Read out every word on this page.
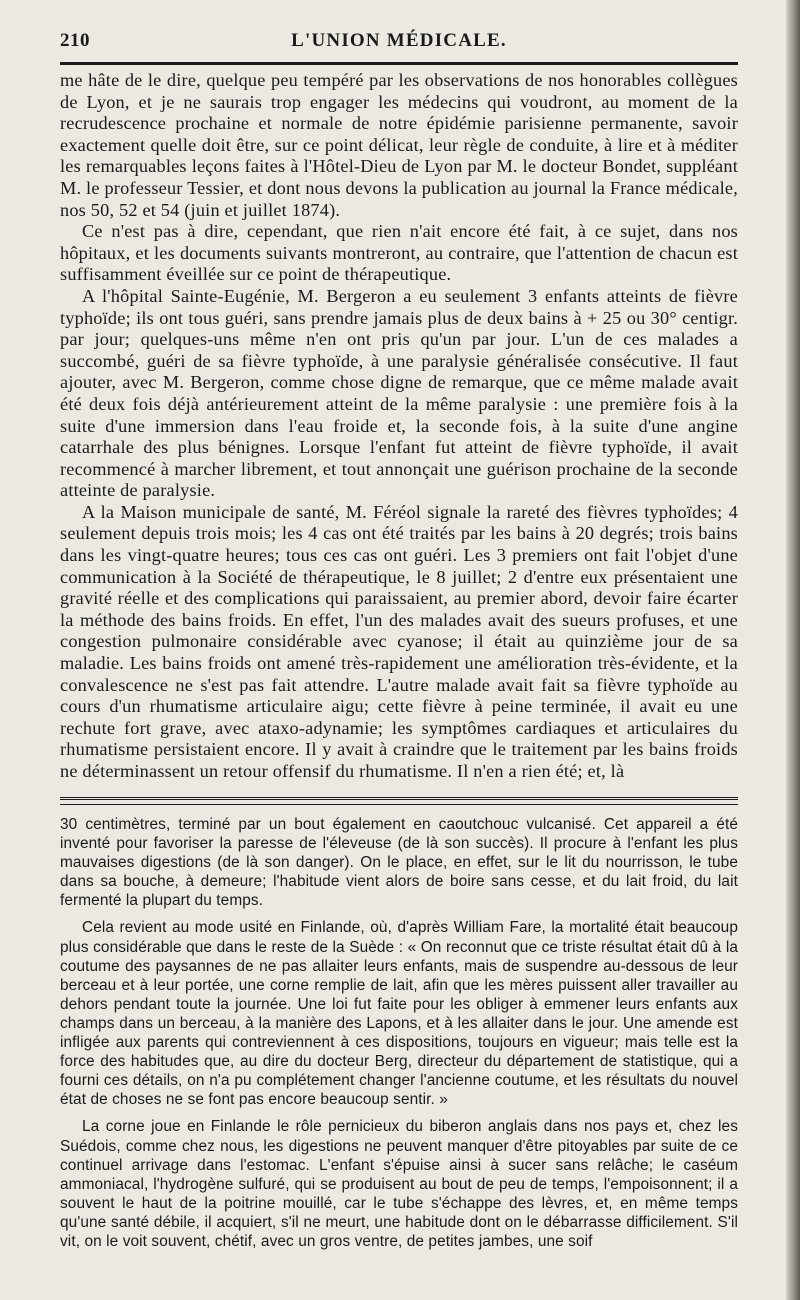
210	L'UNION MÉDICALE.

me hâte de le dire, quelque peu tempéré par les observations de nos honorables collègues de Lyon, et je ne saurais trop engager les médecins qui voudront, au moment de la recrudescence prochaine et normale de notre épidémie parisienne permanente, savoir exactement quelle doit être, sur ce point délicat, leur règle de conduite, à lire et à méditer les remarquables leçons faites à l'Hôtel-Dieu de Lyon par M. le docteur Bondet, suppléant M. le professeur Tessier, et dont nous devons la publication au journal la France médicale, nos 50, 52 et 54 (juin et juillet 1874).

Ce n'est pas à dire, cependant, que rien n'ait encore été fait, à ce sujet, dans nos hôpitaux, et les documents suivants montreront, au contraire, que l'attention de chacun est suffisamment éveillée sur ce point de thérapeutique.

A l'hôpital Sainte-Eugénie, M. Bergeron a eu seulement 3 enfants atteints de fièvre typhoïde; ils ont tous guéri, sans prendre jamais plus de deux bains à + 25 ou 30° centigr. par jour; quelques-uns même n'en ont pris qu'un par jour. L'un de ces malades a succombé, guéri de sa fièvre typhoïde, à une paralysie généralisée consécutive. Il faut ajouter, avec M. Bergeron, comme chose digne de remarque, que ce même malade avait été deux fois déjà antérieurement atteint de la même paralysie : une première fois à la suite d'une immersion dans l'eau froide et, la seconde fois, à la suite d'une angine catarrhale des plus bénignes. Lorsque l'enfant fut atteint de fièvre typhoïde, il avait recommencé à marcher librement, et tout annonçait une guérison prochaine de la seconde atteinte de paralysie.

A la Maison municipale de santé, M. Féréol signale la rareté des fièvres typhoïdes; 4 seulement depuis trois mois; les 4 cas ont été traités par les bains à 20 degrés; trois bains dans les vingt-quatre heures; tous ces cas ont guéri. Les 3 premiers ont fait l'objet d'une communication à la Société de thérapeutique, le 8 juillet; 2 d'entre eux présentaient une gravité réelle et des complications qui paraissaient, au premier abord, devoir faire écarter la méthode des bains froids. En effet, l'un des malades avait des sueurs profuses, et une congestion pulmonaire considérable avec cyanose; il était au quinzième jour de sa maladie. Les bains froids ont amené très-rapidement une amélioration très-évidente, et la convalescence ne s'est pas fait attendre. L'autre malade avait fait sa fièvre typhoïde au cours d'un rhumatisme articulaire aigu; cette fièvre à peine terminée, il avait eu une rechute fort grave, avec ataxo-adynamie; les symptômes cardiaques et articulaires du rhumatisme persistaient encore. Il y avait à craindre que le traitement par les bains froids ne déterminassent un retour offensif du rhumatisme. Il n'en a rien été; et, là

30 centimètres, terminé par un bout également en caoutchouc vulcanisé. Cet appareil a été inventé pour favoriser la paresse de l'éleveuse (de là son succès). Il procure à l'enfant les plus mauvaises digestions (de là son danger). On le place, en effet, sur le lit du nourrisson, le tube dans sa bouche, à demeure; l'habitude vient alors de boire sans cesse, et du lait froid, du lait fermenté la plupart du temps.

Cela revient au mode usité en Finlande, où, d'après William Fare, la mortalité était beaucoup plus considérable que dans le reste de la Suède : « On reconnut que ce triste résultat était dû à la coutume des paysannes de ne pas allaiter leurs enfants, mais de suspendre au-dessous de leur berceau et à leur portée, une corne remplie de lait, afin que les mères puissent aller travailler au dehors pendant toute la journée. Une loi fut faite pour les obliger à emmener leurs enfants aux champs dans un berceau, à la manière des Lapons, et à les allaiter dans le jour. Une amende est infligée aux parents qui contreviennent à ces dispositions, toujours en vigueur; mais telle est la force des habitudes que, au dire du docteur Berg, directeur du département de statistique, qui a fourni ces détails, on n'a pu complétement changer l'ancienne coutume, et les résultats du nouvel état de choses ne se font pas encore beaucoup sentir. »

La corne joue en Finlande le rôle pernicieux du biberon anglais dans nos pays et, chez les Suédois, comme chez nous, les digestions ne peuvent manquer d'être pitoyables par suite de ce continuel arrivage dans l'estomac. L'enfant s'épuise ainsi à sucer sans relâche; le caséum ammoniacal, l'hydrogène sulfuré, qui se produisent au bout de peu de temps, l'empoisonnent; il a souvent le haut de la poitrine mouillé, car le tube s'échappe des lèvres, et, en même temps qu'une santé débile, il acquiert, s'il ne meurt, une habitude dont on le débarrasse difficilement. S'il vit, on le voit souvent, chétif, avec un gros ventre, de petites jambes, une soif
